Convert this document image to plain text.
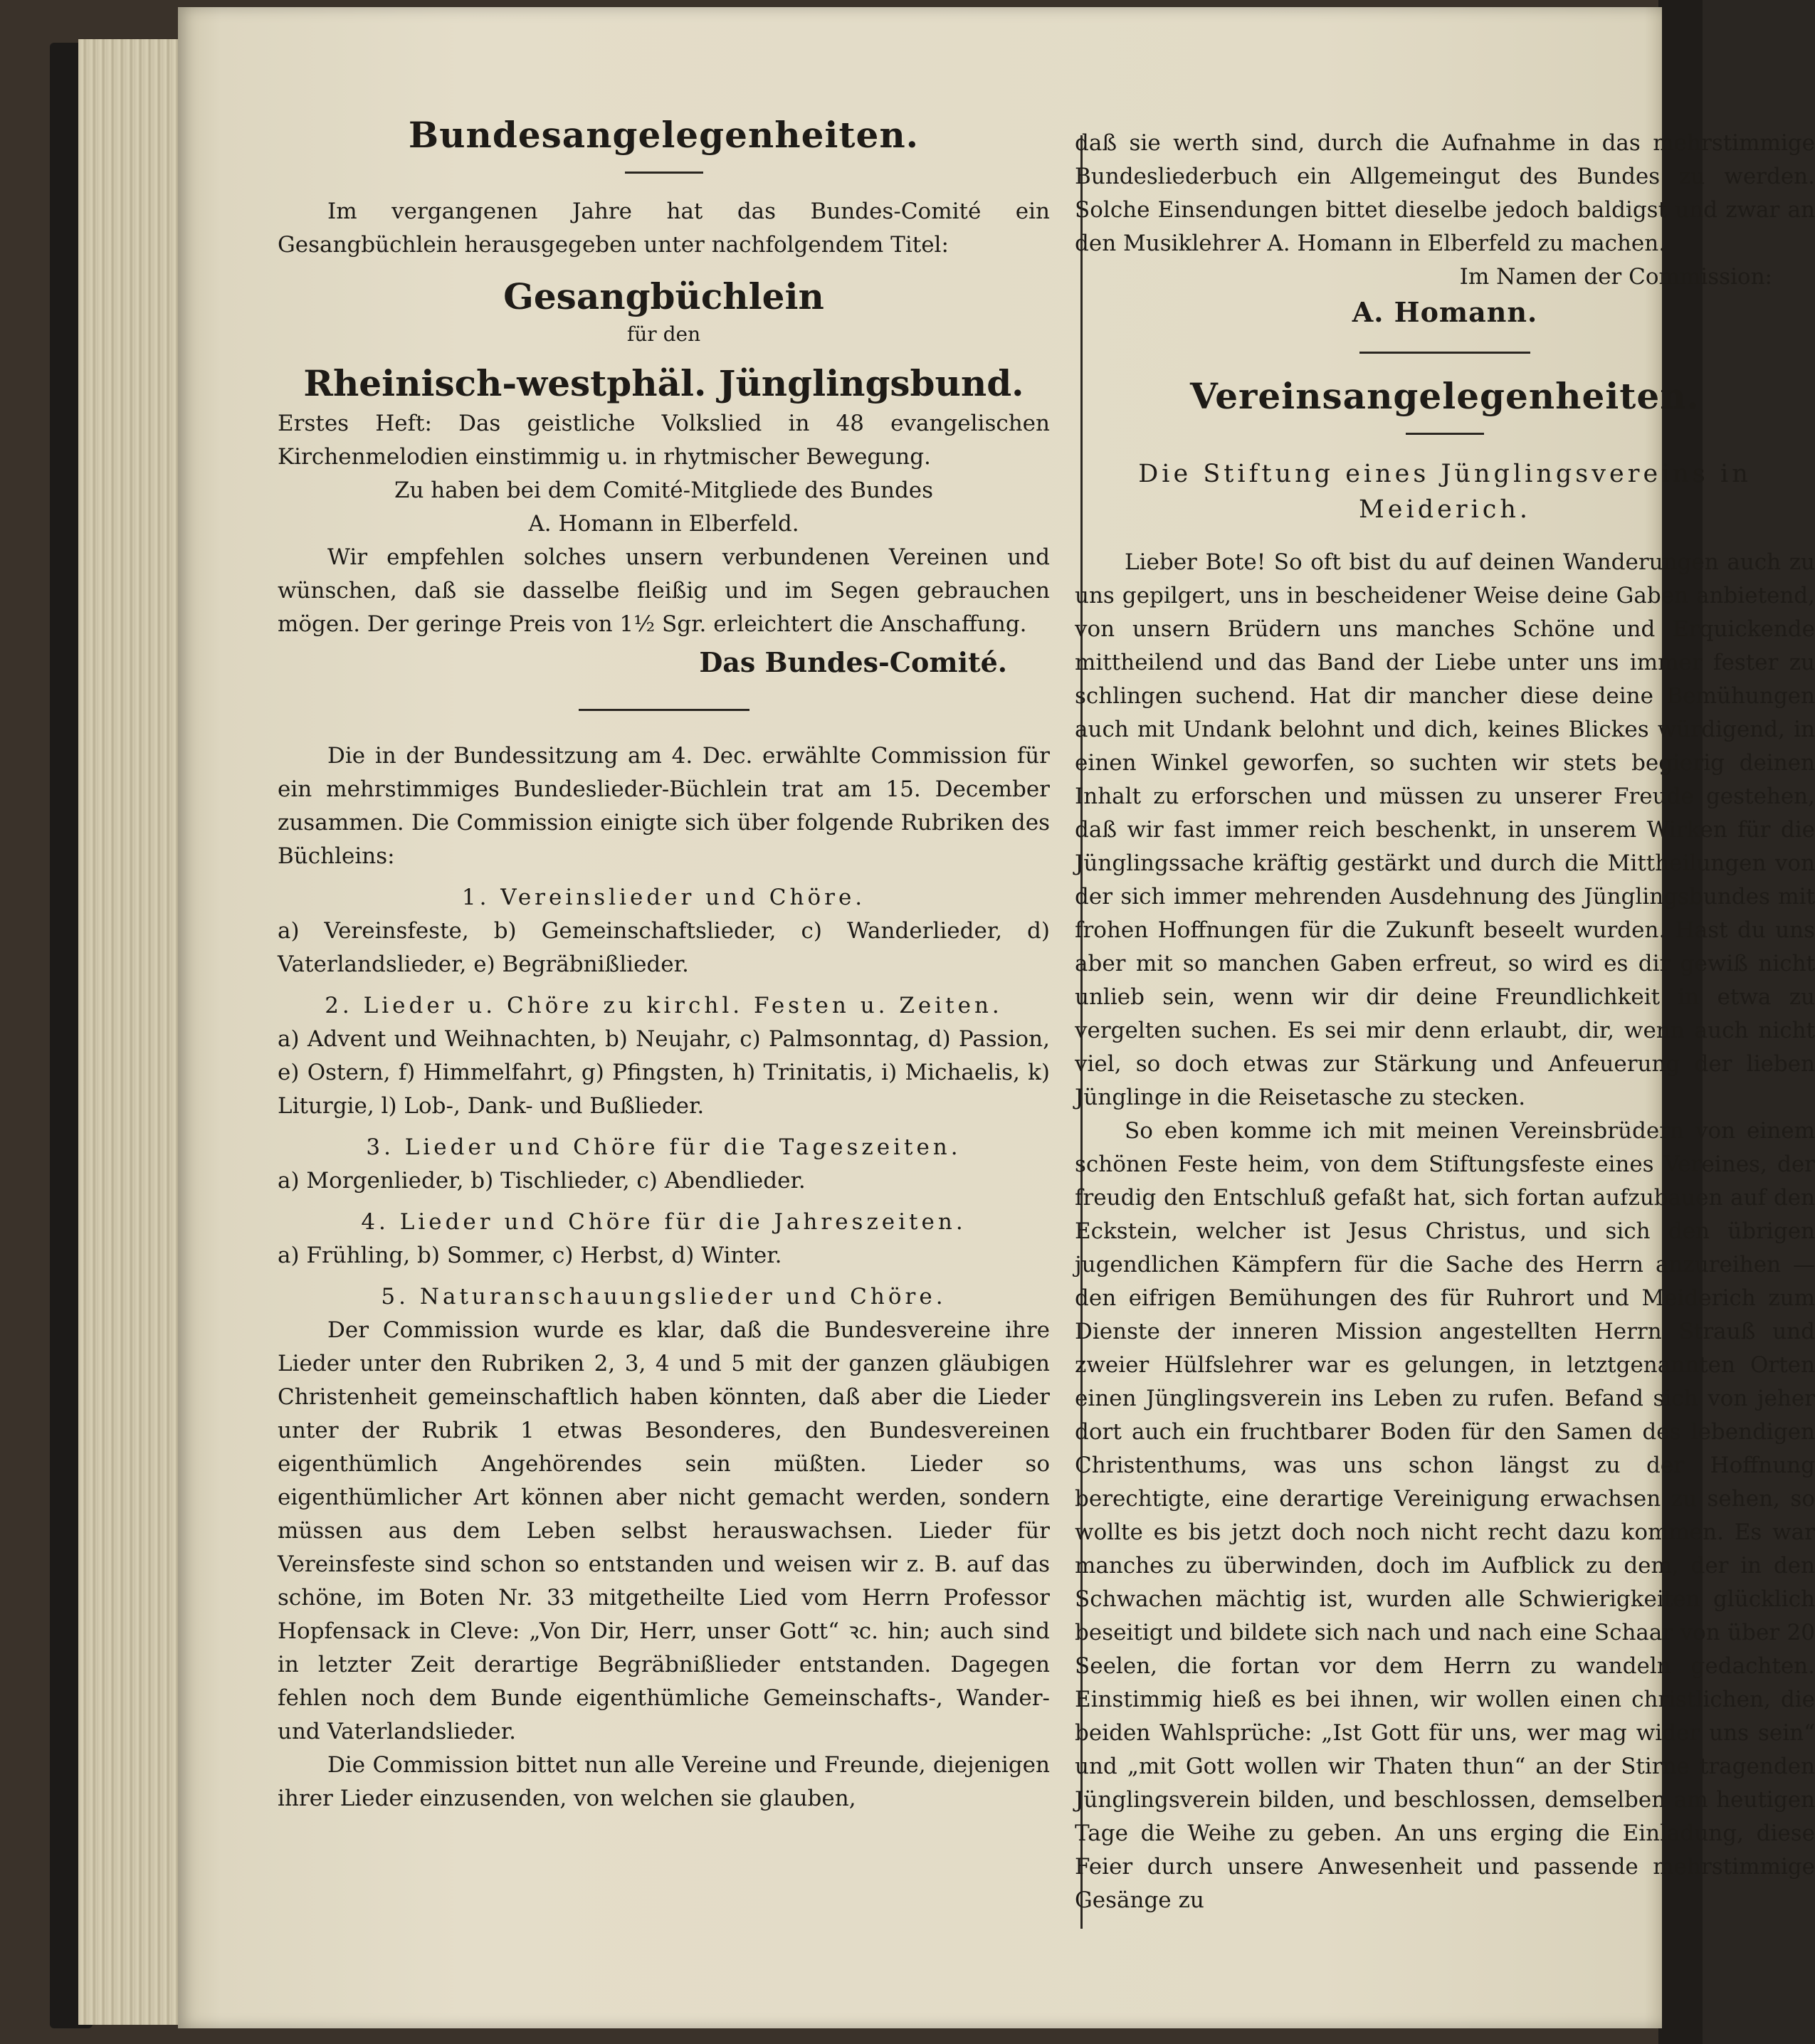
Bundesangelegenheiten.

Im vergangenen Jahre hat das Bundes-Comité ein Gesangbüchlein herausgegeben unter nachfolgendem Titel:

Gesangbüchlein
für den
Rheinisch-westphäl. Jünglingsbund.

Erstes Heft: Das geistliche Volkslied in 48 evangelischen Kirchenmelodien einstimmig u. in rhytmischer Bewegung.

Zu haben bei dem Comité-Mitgliede des Bundes

A. Homann in Elberfeld.

Wir empfehlen solches unsern verbundenen Vereinen und wünschen, daß sie dasselbe fleißig und im Segen gebrauchen mögen. Der geringe Preis von 1½ Sgr. erleichtert die Anschaffung.

Das Bundes-Comité.

Die in der Bundessitzung am 4. Dec. erwählte Commission für ein mehrstimmiges Bundeslieder-Büchlein trat am 15. December zusammen. Die Commission einigte sich über folgende Rubriken des Büchleins:

1. Vereinslieder und Chöre.

a) Vereinsfeste, b) Gemeinschaftslieder, c) Wanderlieder, d) Vaterlandslieder, e) Begräbnißlieder.

2. Lieder u. Chöre zu kirchl. Festen u. Zeiten.

a) Advent und Weihnachten, b) Neujahr, c) Palmsonntag, d) Passion, e) Ostern, f) Himmelfahrt, g) Pfingsten, h) Trinitatis, i) Michaelis, k) Liturgie, l) Lob-, Dank- und Bußlieder.

3. Lieder und Chöre für die Tageszeiten.

a) Morgenlieder, b) Tischlieder, c) Abendlieder.

4. Lieder und Chöre für die Jahreszeiten.

a) Frühling, b) Sommer, c) Herbst, d) Winter.

5. Naturanschauungslieder und Chöre.

Der Commission wurde es klar, daß die Bundesvereine ihre Lieder unter den Rubriken 2, 3, 4 und 5 mit der ganzen gläubigen Christenheit gemeinschaftlich haben könnten, daß aber die Lieder unter der Rubrik 1 etwas Besonderes, den Bundesvereinen eigenthümlich Angehörendes sein müßten. Lieder so eigenthümlicher Art können aber nicht gemacht werden, sondern müssen aus dem Leben selbst herauswachsen. Lieder für Vereinsfeste sind schon so entstanden und weisen wir z. B. auf das schöne, im Boten Nr. 33 mitgetheilte Lied vom Herrn Professor Hopfensack in Cleve: „Von Dir, Herr, unser Gott“ ꝛc. hin; auch sind in letzter Zeit derartige Begräbnißlieder entstanden. Dagegen fehlen noch dem Bunde eigenthümliche Gemeinschafts-, Wander- und Vaterlandslieder.

Die Commission bittet nun alle Vereine und Freunde, diejenigen ihrer Lieder einzusenden, von welchen sie glauben,

daß sie werth sind, durch die Aufnahme in das mehrstimmige Bundesliederbuch ein Allgemeingut des Bundes zu werden. Solche Einsendungen bittet dieselbe jedoch baldigst und zwar an den Musiklehrer A. Homann in Elberfeld zu machen.

Im Namen der Commission:
A. Homann.
Vereinsangelegenheiten.
Die Stiftung eines Jünglingsvereins in Meiderich.

Lieber Bote! So oft bist du auf deinen Wanderungen auch zu uns gepilgert, uns in bescheidener Weise deine Gaben anbietend, von unsern Brüdern uns manches Schöne und Erquickende mittheilend und das Band der Liebe unter uns immer fester zu schlingen suchend. Hat dir mancher diese deine Bemühungen auch mit Undank belohnt und dich, keines Blickes würdigend, in einen Winkel geworfen, so suchten wir stets begierig deinen Inhalt zu erforschen und müssen zu unserer Freude gestehen, daß wir fast immer reich beschenkt, in unserem Wirken für die Jünglingssache kräftig gestärkt und durch die Mittheilungen von der sich immer mehrenden Ausdehnung des Jünglingsbundes mit frohen Hoffnungen für die Zukunft beseelt wurden. Hast du uns aber mit so manchen Gaben erfreut, so wird es dir gewiß nicht unlieb sein, wenn wir dir deine Freundlichkeit in etwa zu vergelten suchen. Es sei mir denn erlaubt, dir, wenn auch nicht viel, so doch etwas zur Stärkung und Anfeuerung der lieben Jünglinge in die Reisetasche zu stecken.

So eben komme ich mit meinen Vereinsbrüdern von einem schönen Feste heim, von dem Stiftungsfeste eines Vereines, der freudig den Entschluß gefaßt hat, sich fortan aufzubauen auf den Eckstein, welcher ist Jesus Christus, und sich den übrigen jugendlichen Kämpfern für die Sache des Herrn anzureihen — den eifrigen Bemühungen des für Ruhrort und Meiderich zum Dienste der inneren Mission angestellten Herrn Strauß und zweier Hülfslehrer war es gelungen, in letztgenannten Orten einen Jünglingsverein ins Leben zu rufen. Befand sich von jeher dort auch ein fruchtbarer Boden für den Samen des lebendigen Christenthums, was uns schon längst zu der Hoffnung berechtigte, eine derartige Vereinigung erwachsen zu sehen, so wollte es bis jetzt doch noch nicht recht dazu kommen. Es war manches zu überwinden, doch im Aufblick zu dem, der in den Schwachen mächtig ist, wurden alle Schwierigkeiten glücklich beseitigt und bildete sich nach und nach eine Schaar von über 20 Seelen, die fortan vor dem Herrn zu wandeln gedachten. Einstimmig hieß es bei ihnen, wir wollen einen christlichen, die beiden Wahlsprüche: „Ist Gott für uns, wer mag wider uns sein“ und „mit Gott wollen wir Thaten thun“ an der Stirne tragenden Jünglingsverein bilden, und beschlossen, demselben am heutigen Tage die Weihe zu geben. An uns erging die Einladung, diese Feier durch unsere Anwesenheit und passende mehrstimmige Gesänge zu
